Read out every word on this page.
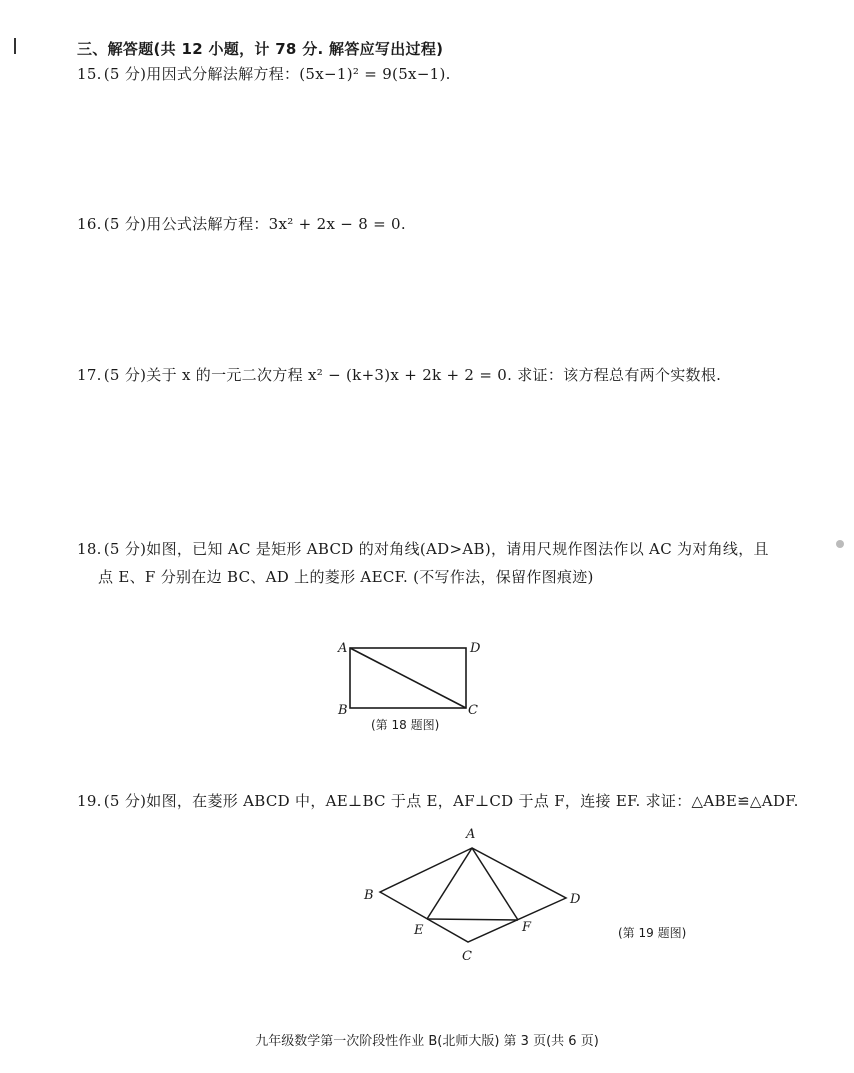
三、解答题(共 12 小题，计 78 分. 解答应写出过程)
15. (5 分)用因式分解法解方程：(5x−1)² = 9(5x−1).
16. (5 分)用公式法解方程：3x² + 2x − 8 = 0.
17. (5 分)关于 x 的一元二次方程 x² − (k+3)x + 2k + 2 = 0. 求证：该方程总有两个实数根.
18. (5 分)如图，已知 AC 是矩形 ABCD 的对角线(AD>AB)，请用尺规作图法作以 AC 为对角线，且
点 E、F 分别在边 BC、AD 上的菱形 AECF. (不写作法，保留作图痕迹)
A	D
B	C
(第 18 题图)
19. (5 分)如图，在菱形 ABCD 中，AE⊥BC 于点 E，AF⊥CD 于点 F，连接 EF. 求证：△ABE≌△ADF.
A
B	D
E	F
C
(第 19 题图)
九年级数学第一次阶段性作业 B(北师大版) 第 3 页(共 6 页)
